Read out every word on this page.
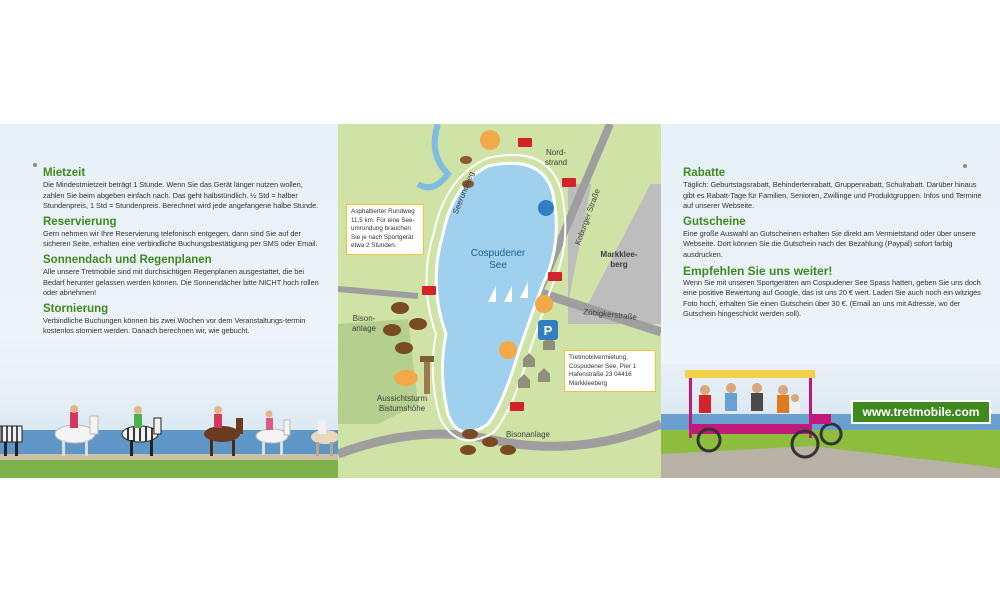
Mietzeit

Die Mindestmietzeit beträgt 1 Stunde. Wenn Sie das Gerät länger nutzen wollen, zahlen Sie beim abgeben einfach nach. Das geht halbstündlich. ½ Std = halber Stundenpreis, 1 Std = Stundenpreis. Berechnet wird jede angefangene halbe Stunde.

Reservierung

Gern nehmen wir Ihre Reservierung telefonisch entgegen, dann sind Sie auf der sicheren Seite, erhalten eine verbindliche Buchungsbestätigung per SMS oder Email.

Sonnendach und Regenplanen

Alle unsere Tretmobile sind mit durchsichtigen Regenplanen ausgestattet, die bei Bedarf herunter gelassen werden können. Die Sonnendächer bitte NICHT hoch rollen oder abnehmen!

Stornierung

Verbindliche Buchungen können bis zwei Wochen vor dem Veranstaltungs-termin kostenlos storniert werden. Danach berechnen wir, wie gebucht.

Nord-
strand
Seerundweg
Cospudener
See
Koburger Straße
Markklee-
berg
Zöbigkerstraße
Bison-
anlage
Aussichtsturm
Bistumshöhe
Bisonanlage
Asphaltierter Rundweg 11,5 km. Für eine See-umrundung brauchen Sie je nach Sportgerät etwa 2 Stunden.
Tretmobilvermietung, Cospudener See, Pier 1 Hafenstraße 23 04416 Markkleeberg
P
Rabatte

Täglich: Geburtstagsrabatt, Behindertenrabatt, Gruppenrabatt, Schulrabatt. Darüber hinaus gibt es Rabatt-Tage für Familien, Senioren, Zwillinge und Produktgruppen. Infos und Termine auf unserer Webseite.

Gutscheine

Eine große Auswahl an Gutscheinen erhalten Sie direkt am Vermietstand oder über unsere Webseite. Dort können Sie die Gutschein nach der Bezahlung (Paypal) sofort farbig ausdrucken.

Empfehlen Sie uns weiter!

Wenn Sie mit unseren Sportgeräten am Cospudener See Spass hatten, geben Sie uns doch eine positive Bewertung auf Google, das ist uns 20 € wert. Laden Sie auch noch ein witziges Foto hoch, erhalten Sie einen Gutschein über 30 €. (Email an uns mit Adresse, wo der Gutschein hingeschickt werden soll).

www.tretmobile.com
